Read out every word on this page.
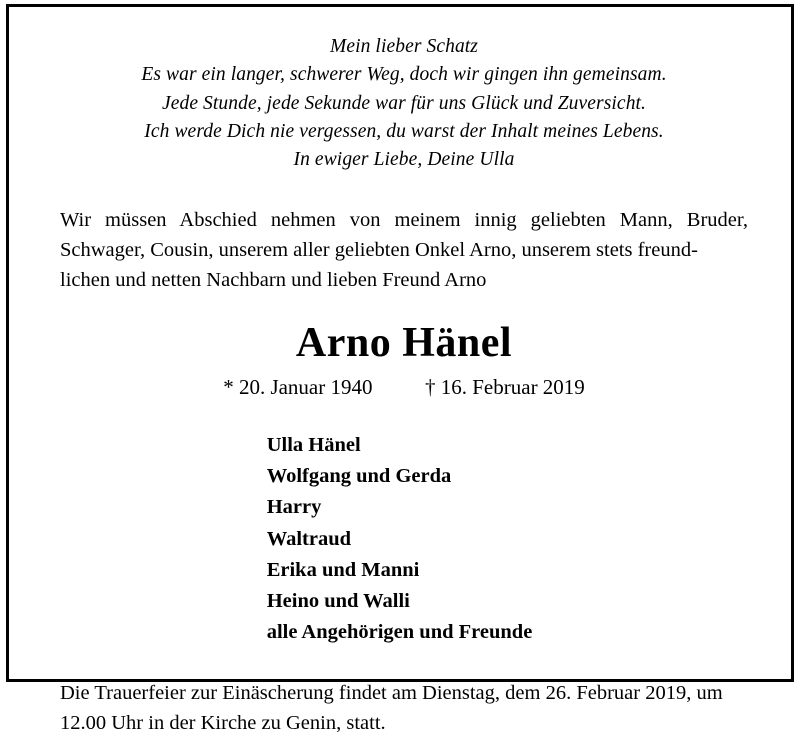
Mein lieber Schatz
Es war ein langer, schwerer Weg, doch wir gingen ihn gemeinsam.
Jede Stunde, jede Sekunde war für uns Glück und Zuversicht.
Ich werde Dich nie vergessen, du warst der Inhalt meines Lebens.
In ewiger Liebe, Deine Ulla
Wir müssen Abschied nehmen von meinem innig geliebten Mann, Bruder, Schwager, Cousin, unserem aller geliebten Onkel Arno, unserem stets freund-
lichen und netten Nachbarn und lieben Freund Arno
Arno Hänel
* 20. Januar 1940	† 16. Februar 2019
Ulla Hänel
Wolfgang und Gerda
Harry
Waltraud
Erika und Manni
Heino und Walli
alle Angehörigen und Freunde
Die Trauerfeier zur Einäscherung findet am Dienstag, dem 26. Februar 2019, um
12.00 Uhr in der Kirche zu Genin, statt.
